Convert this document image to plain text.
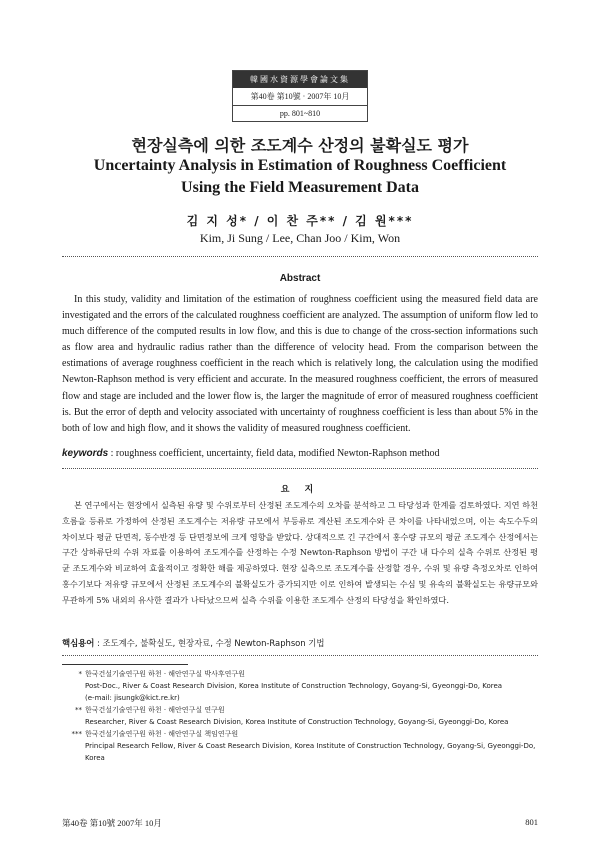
韓國水資源學會論文集
第40卷 第10號 · 2007年 10月
pp. 801~810
현장실측에 의한 조도계수 산정의 불확실도 평가
Uncertainty Analysis in Estimation of Roughness Coefficient
Using the Field Measurement Data
김 지 성* / 이 찬 주** / 김 원***
Kim, Ji Sung / Lee, Chan Joo / Kim, Won
Abstract

In this study, validity and limitation of the estimation of roughness coefficient using the measured field data are investigated and the errors of the calculated roughness coefficient are analyzed. The assumption of uniform flow led to much difference of the computed results in low flow, and this is due to change of the cross-section informations such as flow area and hydraulic radius rather than the difference of velocity head. From the comparison between the estimations of average roughness coefficient in the reach which is relatively long, the calculation using the modified Newton-Raphson method is very efficient and accurate. In the measured roughness coefficient, the errors of measured flow and stage are included and the lower flow is, the larger the magnitude of error of measured roughness coefficient is. But the error of depth and velocity associated with uncertainty of roughness coefficient is less than about 5% in the both of low and high flow, and it shows the validity of measured roughness coefficient.

keywords : roughness coefficient, uncertainty, field data, modified Newton-Raphson method
요 지

본 연구에서는 현장에서 실측된 유량 및 수위로부터 산정된 조도계수의 오차를 분석하고 그 타당성과 한계를 검토하였다. 지연 하천흐름을 등류로 가정하여 산정된 조도계수는 저유량 규모에서 부등류로 계산된 조도계수와 큰 차이를 나타내었으며, 이는 속도수두의 차이보다 평균 단면적, 동수반경 등 단면정보에 크게 영향을 받았다. 상대적으로 긴 구간에서 홍수량 규모의 평균 조도계수 산정에서는 구간 상하류단의 수위 자료를 이용하여 조도계수를 산정하는 수정 Newton-Raphson 방법이 구간 내 다수의 실측 수위로 산정된 평균 조도계수와 비교하여 효율적이고 정확한 해를 제공하였다. 현장 실측으로 조도계수를 산정할 경우, 수위 및 유량 측정오차로 인하여 홍수기보다 저유량 규모에서 산정된 조도계수의 불확실도가 증가되지만 이로 인하여 발생되는 수심 및 유속의 불확실도는 유량규모와 무관하게 5% 내외의 유사한 결과가 나타났으므써 실측 수위를 이용한 조도계수 산정의 타당성을 확인하였다.

핵심용어 : 조도계수, 불확실도, 현장자료, 수정 Newton-Raphson 기법
* 한국건설기술연구원 하천 · 해안연구실 박사후연구원
Post-Doc., River & Coast Research Division, Korea Institute of Construction Technology, Goyang-Si, Gyeonggi-Do, Korea
(e-mail: jisungk@kict.re.kr)
** 한국건설기술연구원 하천 · 해안연구실 연구원
Researcher, River & Coast Research Division, Korea Institute of Construction Technology, Goyang-Si, Gyeonggi-Do, Korea
*** 한국건설기술연구원 하천 · 해안연구실 책임연구원
Principal Research Fellow, River & Coast Research Division, Korea Institute of Construction Technology, Goyang-Si, Gyeonggi-Do, Korea
第40卷 第10號 2007年 10月	801
